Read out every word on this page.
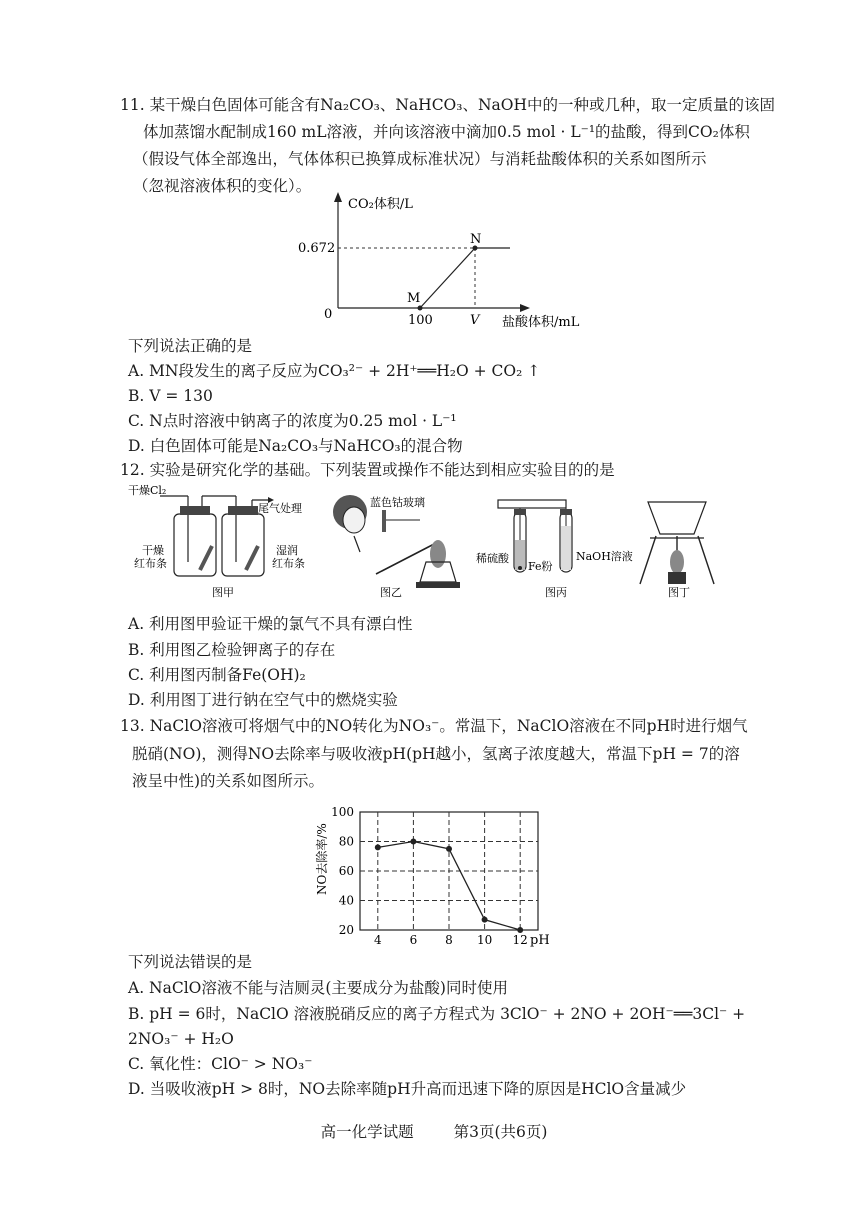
11. 某干燥白色固体可能含有Na₂CO₃、NaHCO₃、NaOH中的一种或几种，取一定质量的该固
体加蒸馏水配制成160 mL溶液，并向该溶液中滴加0.5 mol · L⁻¹的盐酸，得到CO₂体积
（假设气体全部逸出，气体体积已换算成标准状况）与消耗盐酸体积的关系如图所示
（忽视溶液体积的变化）。
CO₂体积/L
0.672
0	100	V 盐酸体积/mL
M
N
下列说法正确的是
A. MN段发生的离子反应为CO₃²⁻ + 2H⁺══H₂O + CO₂ ↑
B. V = 130
C. N点时溶液中钠离子的浓度为0.25 mol · L⁻¹
D. 白色固体可能是Na₂CO₃与NaHCO₃的混合物
12. 实验是研究化学的基础。下列装置或操作不能达到相应实验目的的是
干燥Cl₂
尾气处理
干燥 红布条
湿润 红布条
图甲
蓝色钴玻璃
图乙
稀硫酸
Fe粉
NaOH溶液
图丙	图丁
A. 利用图甲验证干燥的氯气不具有漂白性
B. 利用图乙检验钾离子的存在
C. 利用图丙制备Fe(OH)₂
D. 利用图丁进行钠在空气中的燃烧实验
13. NaClO溶液可将烟气中的NO转化为NO₃⁻。常温下，NaClO溶液在不同pH时进行烟气
脱硝(NO)，测得NO去除率与吸收液pH(pH越小，氢离子浓度越大，常温下pH = 7的溶
液呈中性)的关系如图所示。
20
40
60
80
100
4 6 8 10 12
NO去除率/%
pH
下列说法错误的是
A. NaClO溶液不能与洁厕灵(主要成分为盐酸)同时使用
B. pH = 6时，NaClO 溶液脱硝反应的离子方程式为 3ClO⁻ + 2NO + 2OH⁻══3Cl⁻ +
2NO₃⁻ + H₂O
C. 氧化性：ClO⁻ > NO₃⁻
D. 当吸收液pH > 8时，NO去除率随pH升高而迅速下降的原因是HClO含量减少
高一化学试题	第3页(共6页)
